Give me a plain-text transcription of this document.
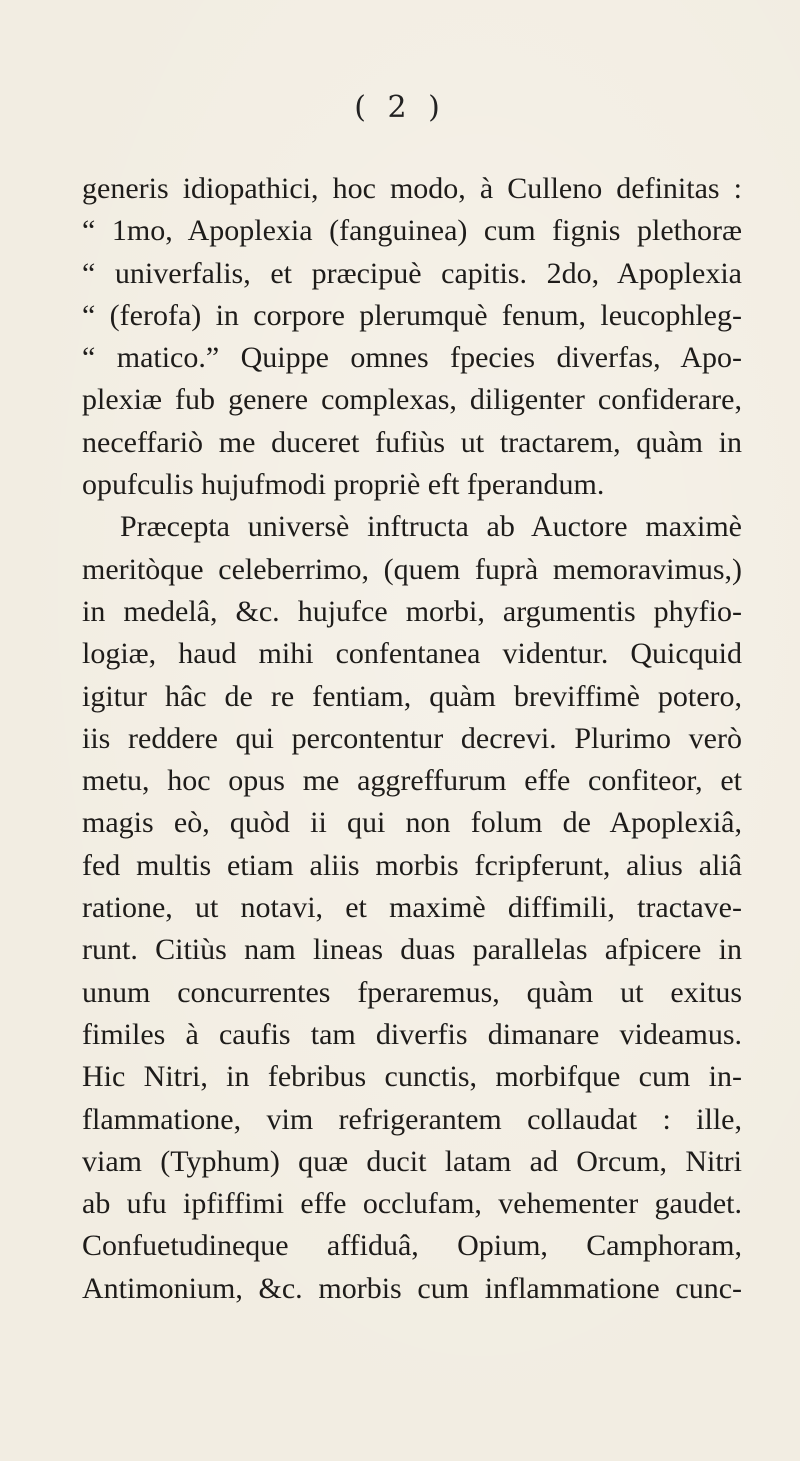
( 2 )
generis idiopathici, hoc modo, à Culleno definitas :
“ 1mo, Apoplexia (fanguinea) cum fignis plethoræ
“ univerfalis, et præcipuè capitis. 2do, Apoplexia
“ (ferofa) in corpore plerumquè fenum, leucophleg-
“ matico.” Quippe omnes fpecies diverfas, Apo-
plexiæ fub genere complexas, diligenter confiderare,
neceffariò me duceret fufiùs ut tractarem, quàm in
opufculis hujufmodi propriè eft fperandum.
Præcepta universè inftructa ab Auctore maximè
meritòque celeberrimo, (quem fuprà memoravimus,)
in medelâ, &c. hujufce morbi, argumentis phyfio-
logiæ, haud mihi confentanea videntur. Quicquid
igitur hâc de re fentiam, quàm breviffimè potero,
iis reddere qui percontentur decrevi. Plurimo verò
metu, hoc opus me aggreffurum effe confiteor, et
magis eò, quòd ii qui non folum de Apoplexiâ,
fed multis etiam aliis morbis fcripferunt, alius aliâ
ratione, ut notavi, et maximè diffimili, tractave-
runt. Citiùs nam lineas duas parallelas afpicere in
unum concurrentes fperaremus, quàm ut exitus
fimiles à caufis tam diverfis dimanare videamus.
Hic Nitri, in febribus cunctis, morbifque cum in-
flammatione, vim refrigerantem collaudat : ille,
viam (Typhum) quæ ducit latam ad Orcum, Nitri
ab ufu ipfiffimi effe occlufam, vehementer gaudet.
Confuetudineque affiduâ, Opium, Camphoram,
Antimonium, &c. morbis cum inflammatione cunc-
